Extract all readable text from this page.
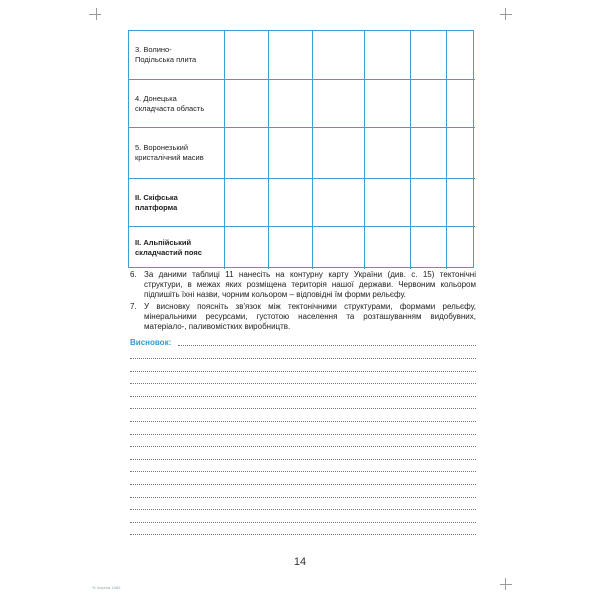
3. Волино-
Подільська плита
4. Донецька
складчаста область
5. Воронезький
кристалічний масив
II. Скіфська
платформа
II. Альпійський
складчастий пояс
6. За даними таблиці 11 нанесіть на контурну карту України (див. с. 15) тектонічні структури, в межах яких розміщена територія нашої держави. Червоним кольором підпишіть їхні назви, чорним кольором – відповідні їм форми рельєфу.
7. У висновку поясніть зв'язок між тектонічними структурами, формами рельєфу, мінеральними ресурсами, густотою населення та розташуванням видобувних, матеріало-, паливомістких виробництв.
Висновок:
14
% Чертеж 1960
